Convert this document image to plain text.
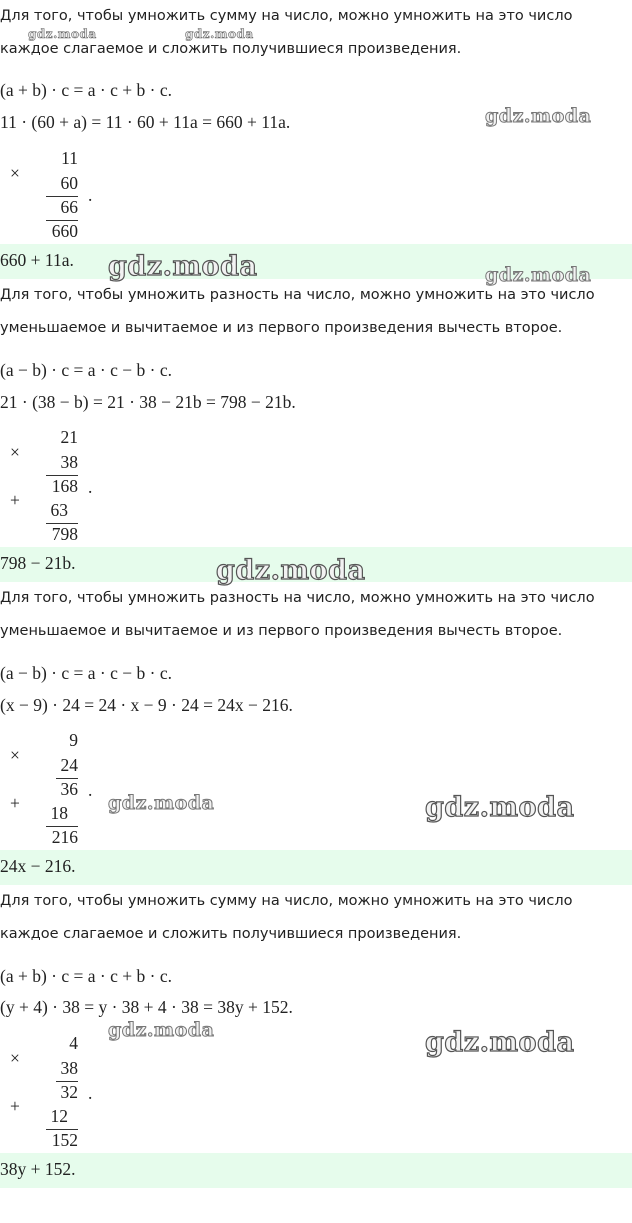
Для того, чтобы умножить сумму на число, можно умножить на это число
каждое слагаемое и сложить получившиеся произведения.
(a + b) · c = a · c + b · c.
11 · (60 + a) = 11 · 60 + 11a = 660 + 11a.
×
11
60
66
660
.
660 + 11a.
Для того, чтобы умножить разность на число, можно умножить на это число
уменьшаемое и вычитаемое и из первого произведения вычесть второе.
(a − b) · c = a · c − b · c.
21 · (38 − b) = 21 · 38 − 21b = 798 − 21b.
×
21
38
168
+ 63
798
.
798 − 21b.
Для того, чтобы умножить разность на число, можно умножить на это число
уменьшаемое и вычитаемое и из первого произведения вычесть второе.
(a − b) · c = a · c − b · c.
(x − 9) · 24 = 24 · x − 9 · 24 = 24x − 216.
×
9
24
36
+ 18
216
.
24x − 216.
Для того, чтобы умножить сумму на число, можно умножить на это число
каждое слагаемое и сложить получившиеся произведения.
(a + b) · c = a · c + b · c.
(y + 4) · 38 = y · 38 + 4 · 38 = 38y + 152.
×
4
38
32
+ 12
152
.
38y + 152.
gdz.moda	gdz.moda
gdz.moda
gdz.moda	gdz.moda
gdz.moda
gdz.moda	gdz.moda
gdz.moda	gdz.moda
